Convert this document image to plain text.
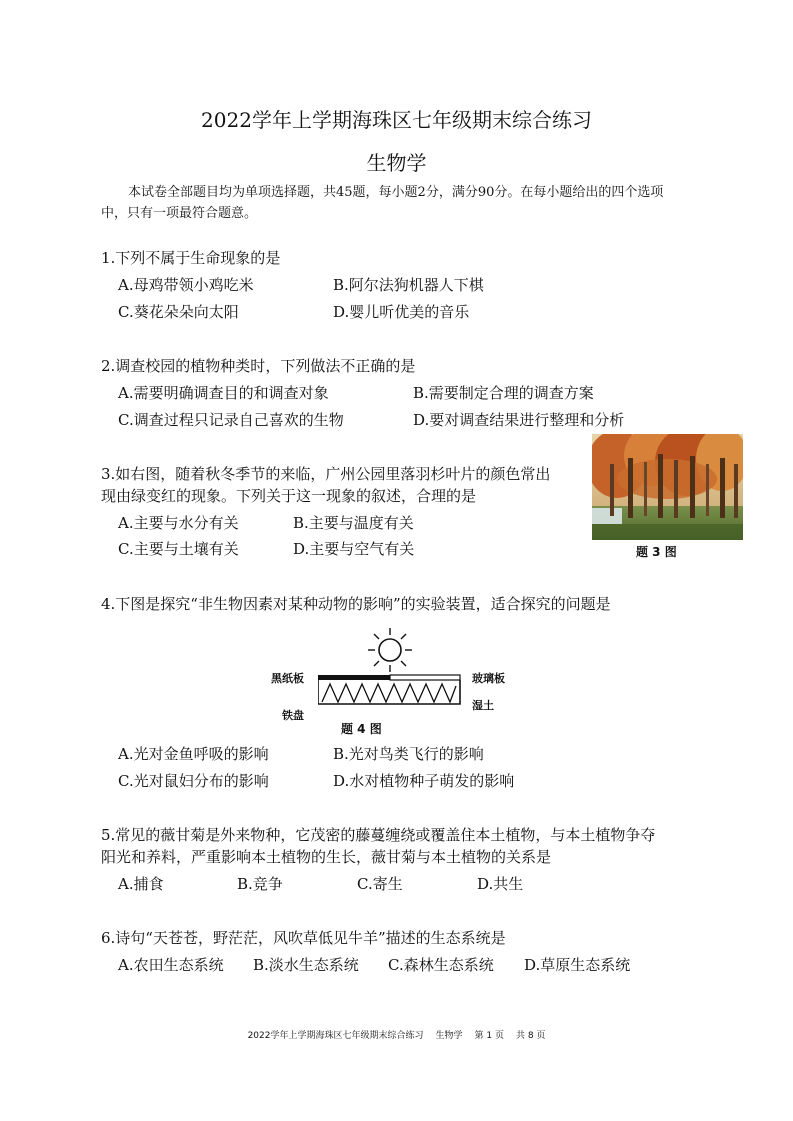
2022学年上学期海珠区七年级期末综合练习
生物学
本试卷全部题目均为单项选择题，共45题，每小题2分，满分90分。在每小题给出的四个选项
中，只有一项最符合题意。
1.下列不属于生命现象的是
A.母鸡带领小鸡吃米	B.阿尔法狗机器人下棋
C.葵花朵朵向太阳	D.婴儿听优美的音乐
2.调查校园的植物种类时，下列做法不正确的是
A.需要明确调查目的和调查对象	B.需要制定合理的调查方案
C.调查过程只记录自己喜欢的生物	D.要对调查结果进行整理和分析
3.如右图，随着秋冬季节的来临，广州公园里落羽杉叶片的颜色常出
现由绿变红的现象。下列关于这一现象的叙述，合理的是
A.主要与水分有关	B.主要与温度有关
C.主要与土壤有关	D.主要与空气有关	题 3 图
4.下图是探究“非生物因素对某种动物的影响”的实验装置，适合探究的问题是
黑纸板	玻璃板
铁盘
湿土
题 4 图
A.光对金鱼呼吸的影响	B.光对鸟类飞行的影响
C.光对鼠妇分布的影响	D.水对植物种子萌发的影响
5.常见的薇甘菊是外来物种，它茂密的藤蔓缠绕或覆盖住本土植物，与本土植物争夺
阳光和养料，严重影响本土植物的生长，薇甘菊与本土植物的关系是
A.捕食	B.竞争	C.寄生	D.共生
6.诗句“天苍苍，野茫茫，风吹草低见牛羊”描述的生态系统是
A.农田生态系统 B.淡水生态系统 C.森林生态系统 D.草原生态系统
2022学年上学期海珠区七年级期末综合练习 生物学 第 1 页 共 8 页
